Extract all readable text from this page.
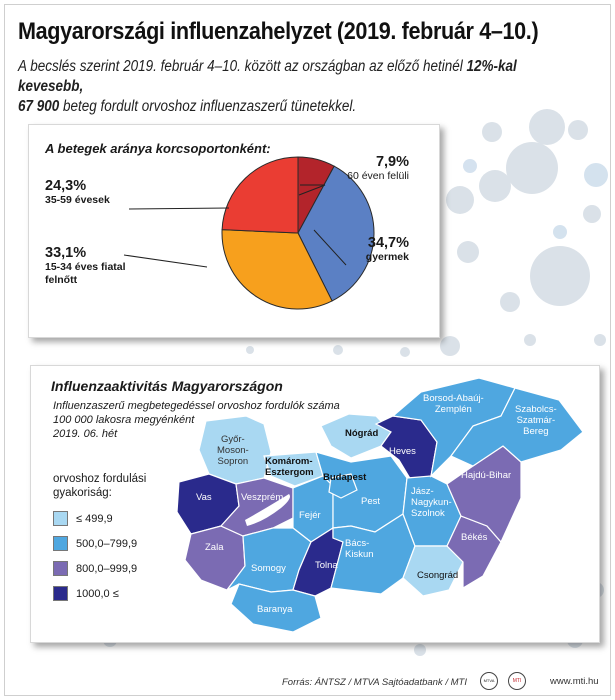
Magyarországi influenzahelyzet (2019. február 4–10.)

A becslés szerint 2019. február 4–10. között az országban az előző hetinél 12%-kal kevesebb,
67 900 beteg fordult orvoshoz influenzaszerű tünetekkel.

A betegek aránya korcsoportonként:

7,9%
60 éven felüli
34,7%
gyermek
33,1%
15-34 éves fiatal
felnőtt
24,3%
35-59 évesek

Influenzaaktivitás Magyarországon

Influenzaszerű megbetegedéssel orvoshoz fordulók száma
100 000 lakosra megyénként
2019. 06. hét
orvoshoz fordulási
gyakoriság:
≤ 499,9
500,0–799,9
800,0–999,9
1000,0 ≤
Győr-
Moson-
Sopron
Vas
Zala
Veszprém
Komárom-
Esztergom
Fejér
Somogy	Tolna
Baranya
Budapest
Pest
Nógrád
Heves
Bács-
Kiskun
Jász-
Nagykun-
Szolnok
Csongrád
Békés
Hajdú-Bihar
Borsod-Abaúj-
Zemplén	Szabolcs-
Szatmár-
Bereg

Forrás: ÁNTSZ / MTVA Sajtóadatbank / MTI	MTVA	MTI	www.mti.hu
